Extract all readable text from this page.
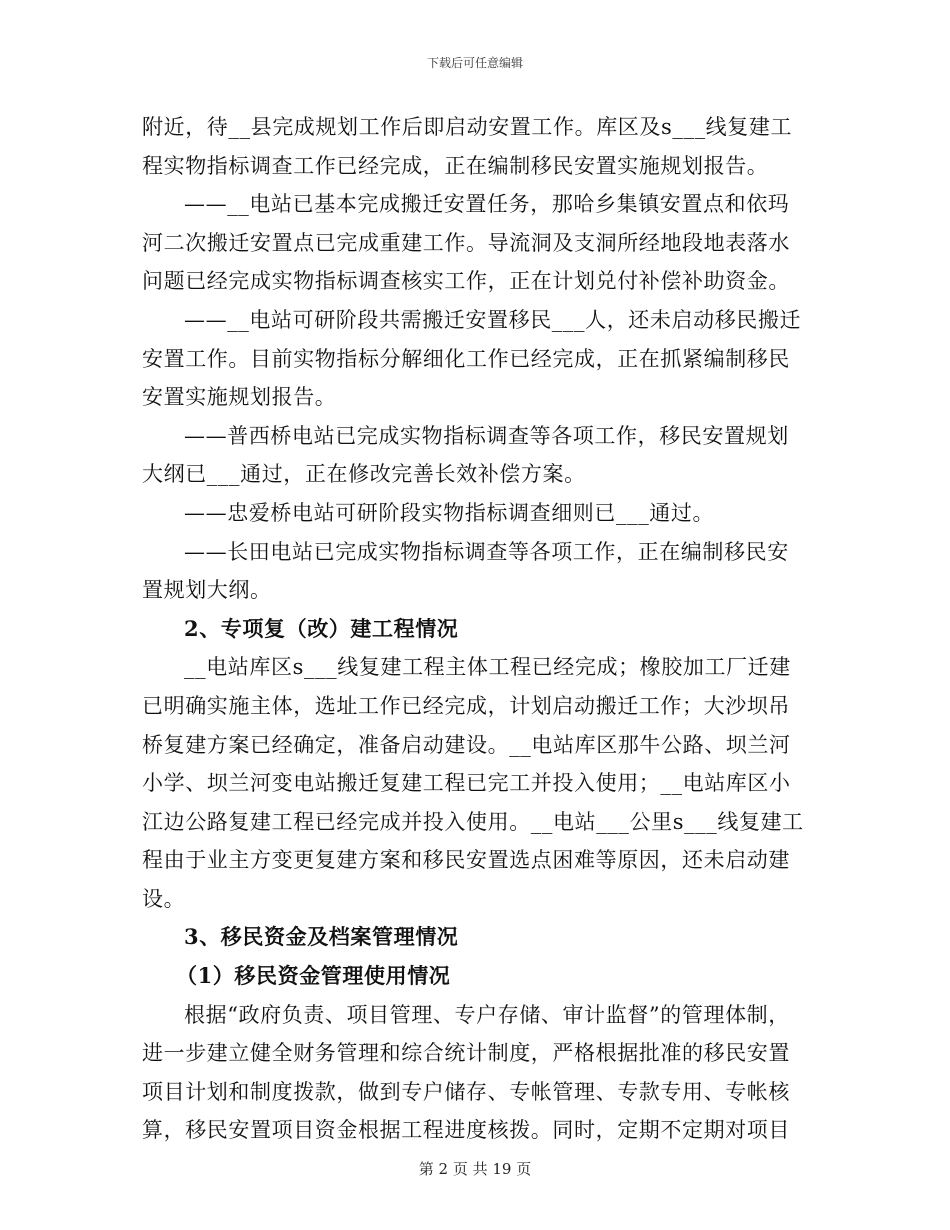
下载后可任意编辑
附近，待__县完成规划工作后即启动安置工作。库区及s___线复建工
程实物指标调查工作已经完成，正在编制移民安置实施规划报告。
——__电站已基本完成搬迁安置任务，那哈乡集镇安置点和依玛
河二次搬迁安置点已完成重建工作。导流洞及支洞所经地段地表落水
问题已经完成实物指标调查核实工作，正在计划兑付补偿补助资金。
——__电站可研阶段共需搬迁安置移民___人，还未启动移民搬迁
安置工作。目前实物指标分解细化工作已经完成，正在抓紧编制移民
安置实施规划报告。
——普西桥电站已完成实物指标调查等各项工作，移民安置规划
大纲已___通过，正在修改完善长效补偿方案。
——忠爱桥电站可研阶段实物指标调查细则已___通过。
——长田电站已完成实物指标调查等各项工作，正在编制移民安
置规划大纲。
2、专项复（改）建工程情况
__电站库区s___线复建工程主体工程已经完成；橡胶加工厂迁建
已明确实施主体，选址工作已经完成，计划启动搬迁工作；大沙坝吊
桥复建方案已经确定，准备启动建设。__电站库区那牛公路、坝兰河
小学、坝兰河变电站搬迁复建工程已完工并投入使用；__电站库区小
江边公路复建工程已经完成并投入使用。__电站___公里s___线复建工
程由于业主方变更复建方案和移民安置选点困难等原因，还未启动建
设。
3、移民资金及档案管理情况
（1）移民资金管理使用情况
根据“政府负责、项目管理、专户存储、审计监督”的管理体制，
进一步建立健全财务管理和综合统计制度，严格根据批准的移民安置
项目计划和制度拨款，做到专户储存、专帐管理、专款专用、专帐核
算，移民安置项目资金根据工程进度核拨。同时，定期不定期对项目
第 2 页 共 19 页
